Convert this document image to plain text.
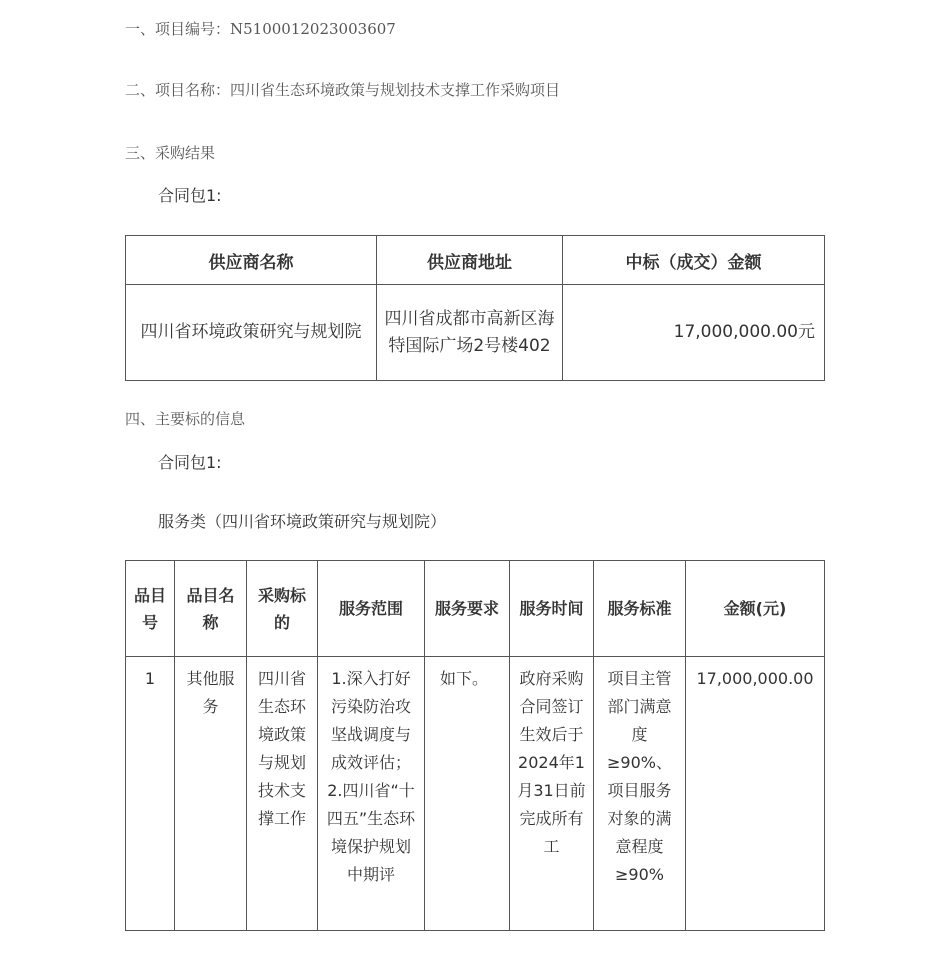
一、项目编号：N5100012023003607
二、项目名称：四川省生态环境政策与规划技术支撑工作采购项目
三、采购结果
合同包1:
供应商名称	供应商地址	中标（成交）金额
四川省环境政策研究与规划院	四川省成都市高新区海特国际广场2号楼402	17,000,000.00元
四、主要标的信息
合同包1:
服务类（四川省环境政策研究与规划院）
品目号	品目名称	采购标的	服务范围	服务要求	服务时间	服务标准	金额(元)
1	其他服务	四川省生态环境政策与规划技术支撑工作	1.深入打好污染防治攻坚战调度与成效评估；2.四川省“十四五”生态环境保护规划中期评	如下。	政府采购合同签订生效后于2024年1月31日前完成所有工	项目主管部门满意度≥90%、项目服务对象的满意程度≥90%	17,000,000.00
